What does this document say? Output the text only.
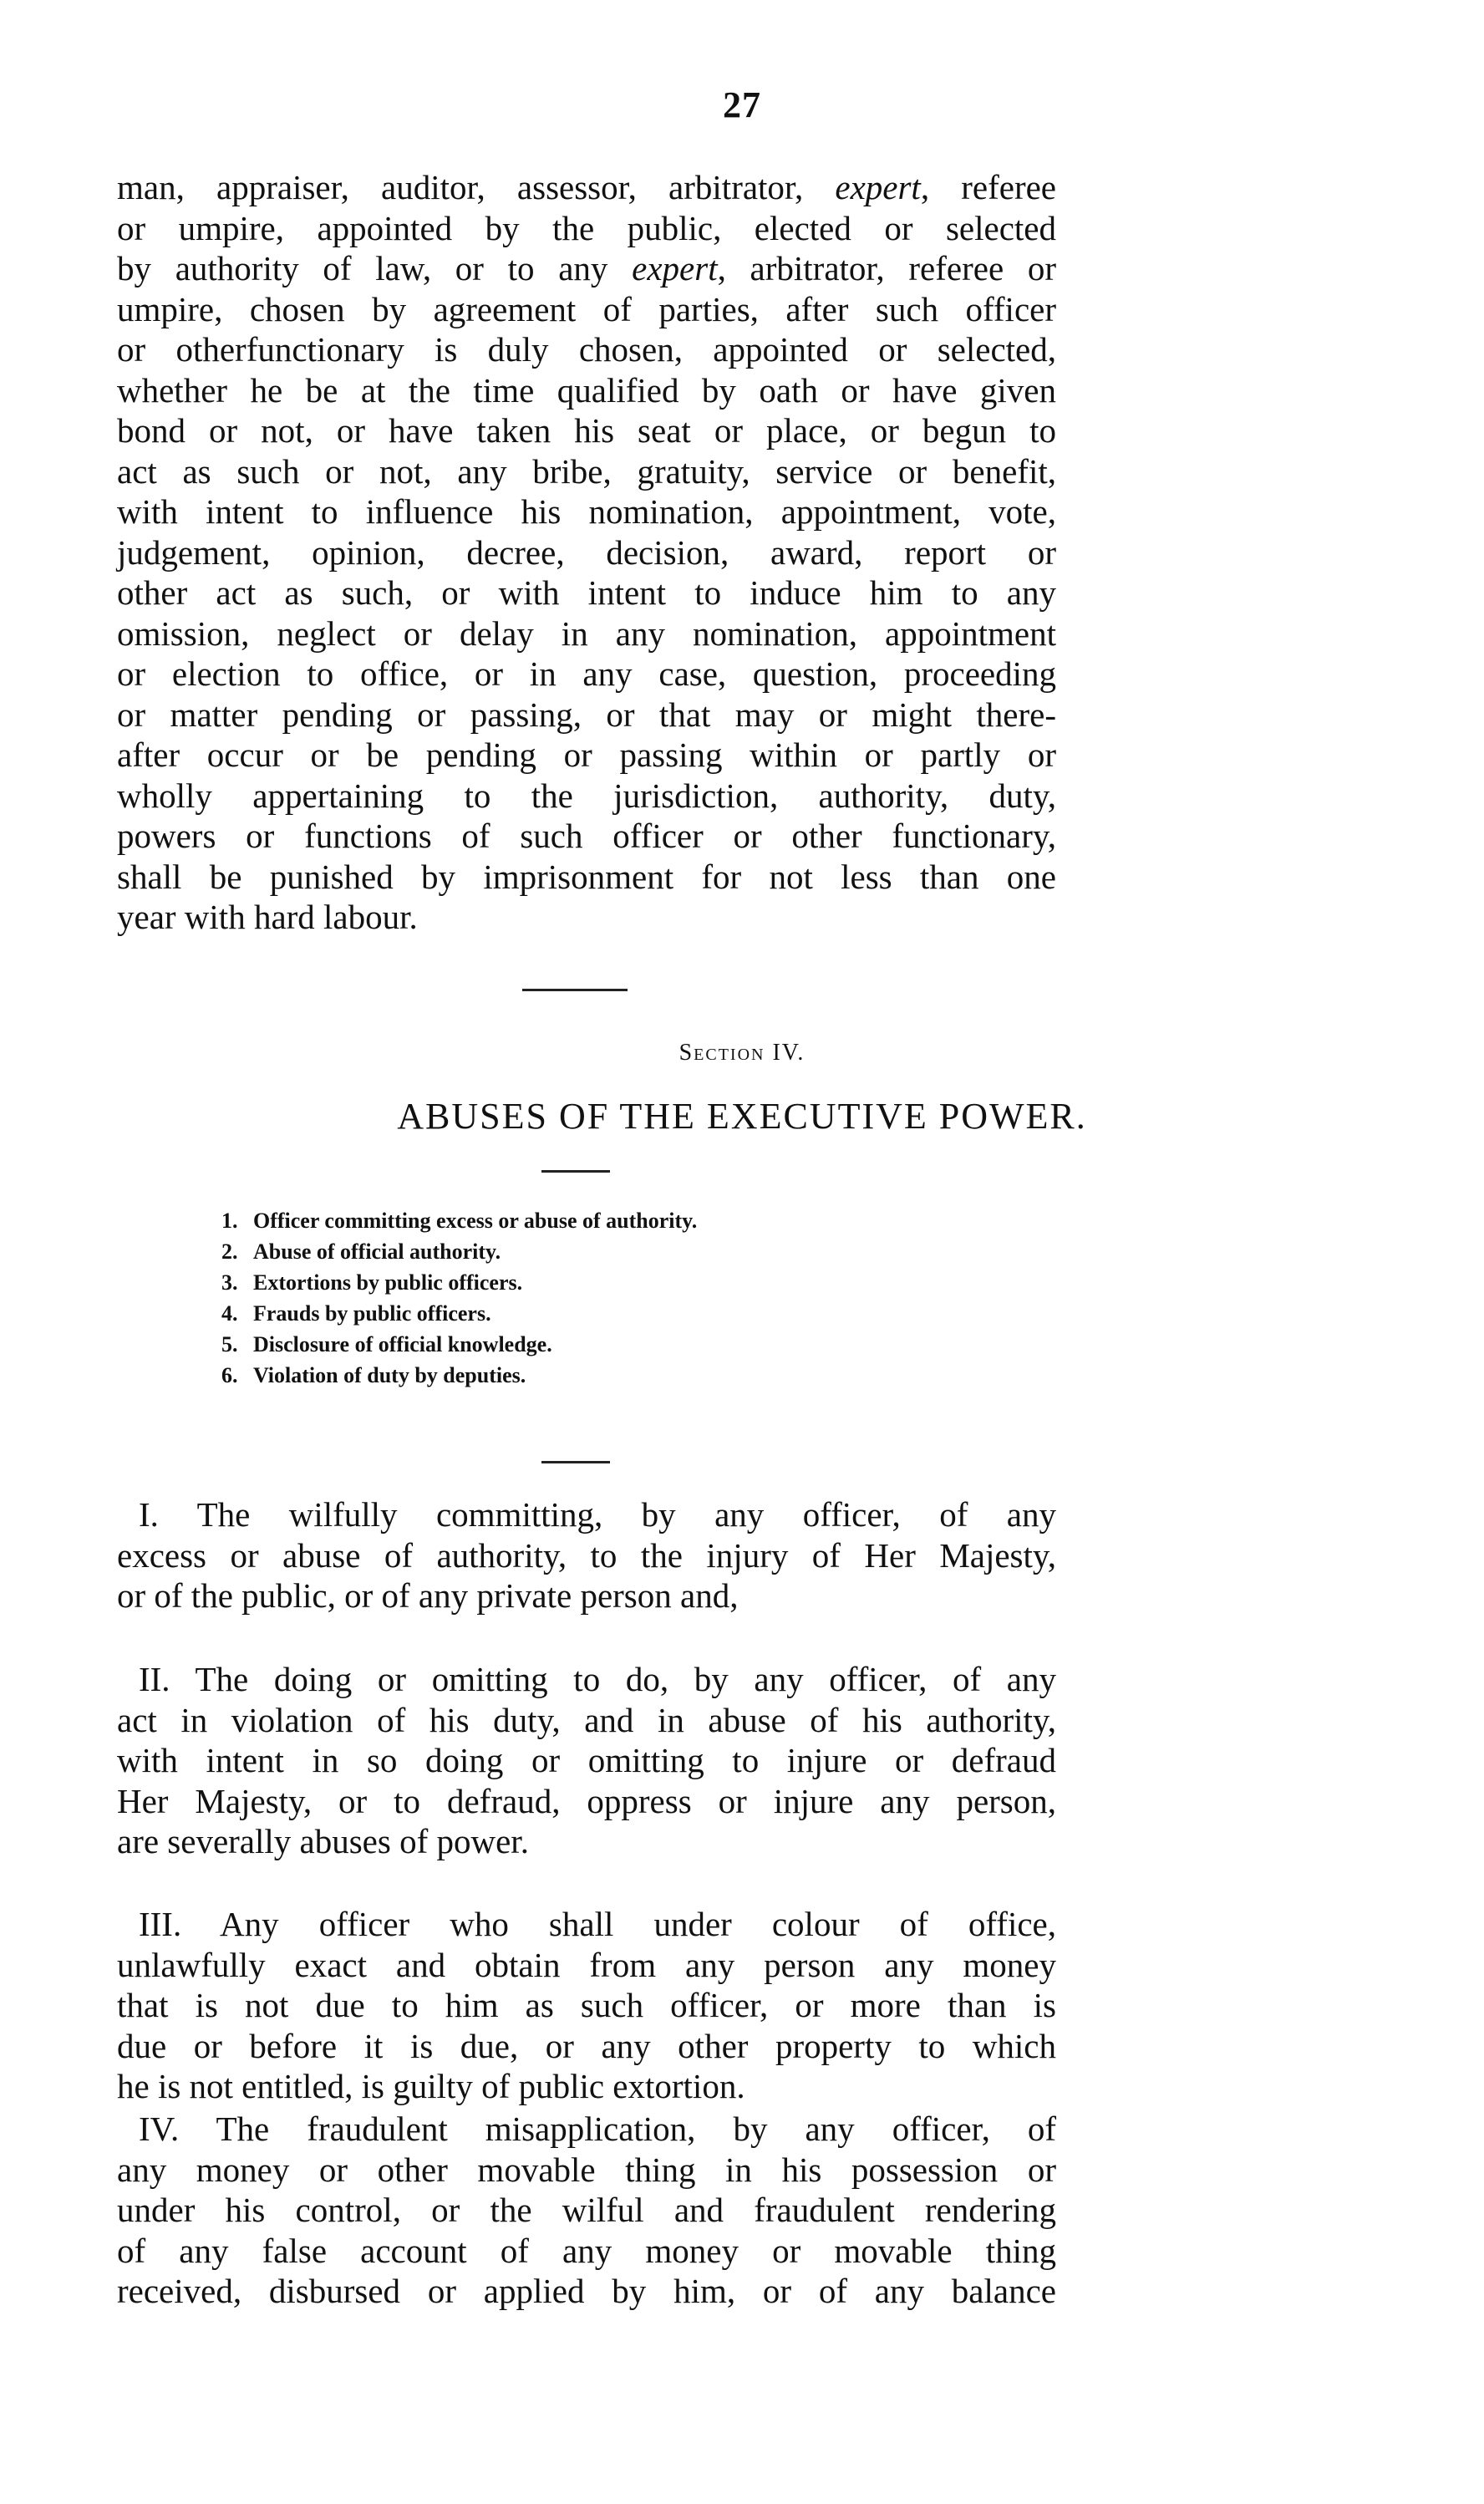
27
man, appraiser, auditor, assessor, arbitrator, expert, referee
or umpire, appointed by the public, elected or selected
by authority of law, or to any expert, arbitrator, referee or
umpire, chosen by agreement of parties, after such officer
or otherfunctionary is duly chosen, appointed or selected,
whether he be at the time qualified by oath or have given
bond or not, or have taken his seat or place, or begun to
act as such or not, any bribe, gratuity, service or benefit,
with intent to influence his nomination, appointment, vote,
judgement, opinion, decree, decision, award, report or
other act as such, or with intent to induce him to any
omission, neglect or delay in any nomination, appointment
or election to office, or in any case, question, proceeding
or matter pending or passing, or that may or might there-
after occur or be pending or passing within or partly or
wholly appertaining to the jurisdiction, authority, duty,
powers or functions of such officer or other functionary,
shall be punished by imprisonment for not less than one
year with hard labour.
Section IV.
ABUSES OF THE EXECUTIVE POWER.
1. Officer committing excess or abuse of authority.
2. Abuse of official authority.
3. Extortions by public officers.
4. Frauds by public officers.
5. Disclosure of official knowledge.
6. Violation of duty by deputies.
I. The wilfully committing, by any officer, of any
excess or abuse of authority, to the injury of Her Majesty,
or of the public, or of any private person and,
II. The doing or omitting to do, by any officer, of any
act in violation of his duty, and in abuse of his authority,
with intent in so doing or omitting to injure or defraud
Her Majesty, or to defraud, oppress or injure any person,
are severally abuses of power.
III. Any officer who shall under colour of office,
unlawfully exact and obtain from any person any money
that is not due to him as such officer, or more than is
due or before it is due, or any other property to which
he is not entitled, is guilty of public extortion.
IV. The fraudulent misapplication, by any officer, of
any money or other movable thing in his possession or
under his control, or the wilful and fraudulent rendering
of any false account of any money or movable thing
received, disbursed or applied by him, or of any balance
